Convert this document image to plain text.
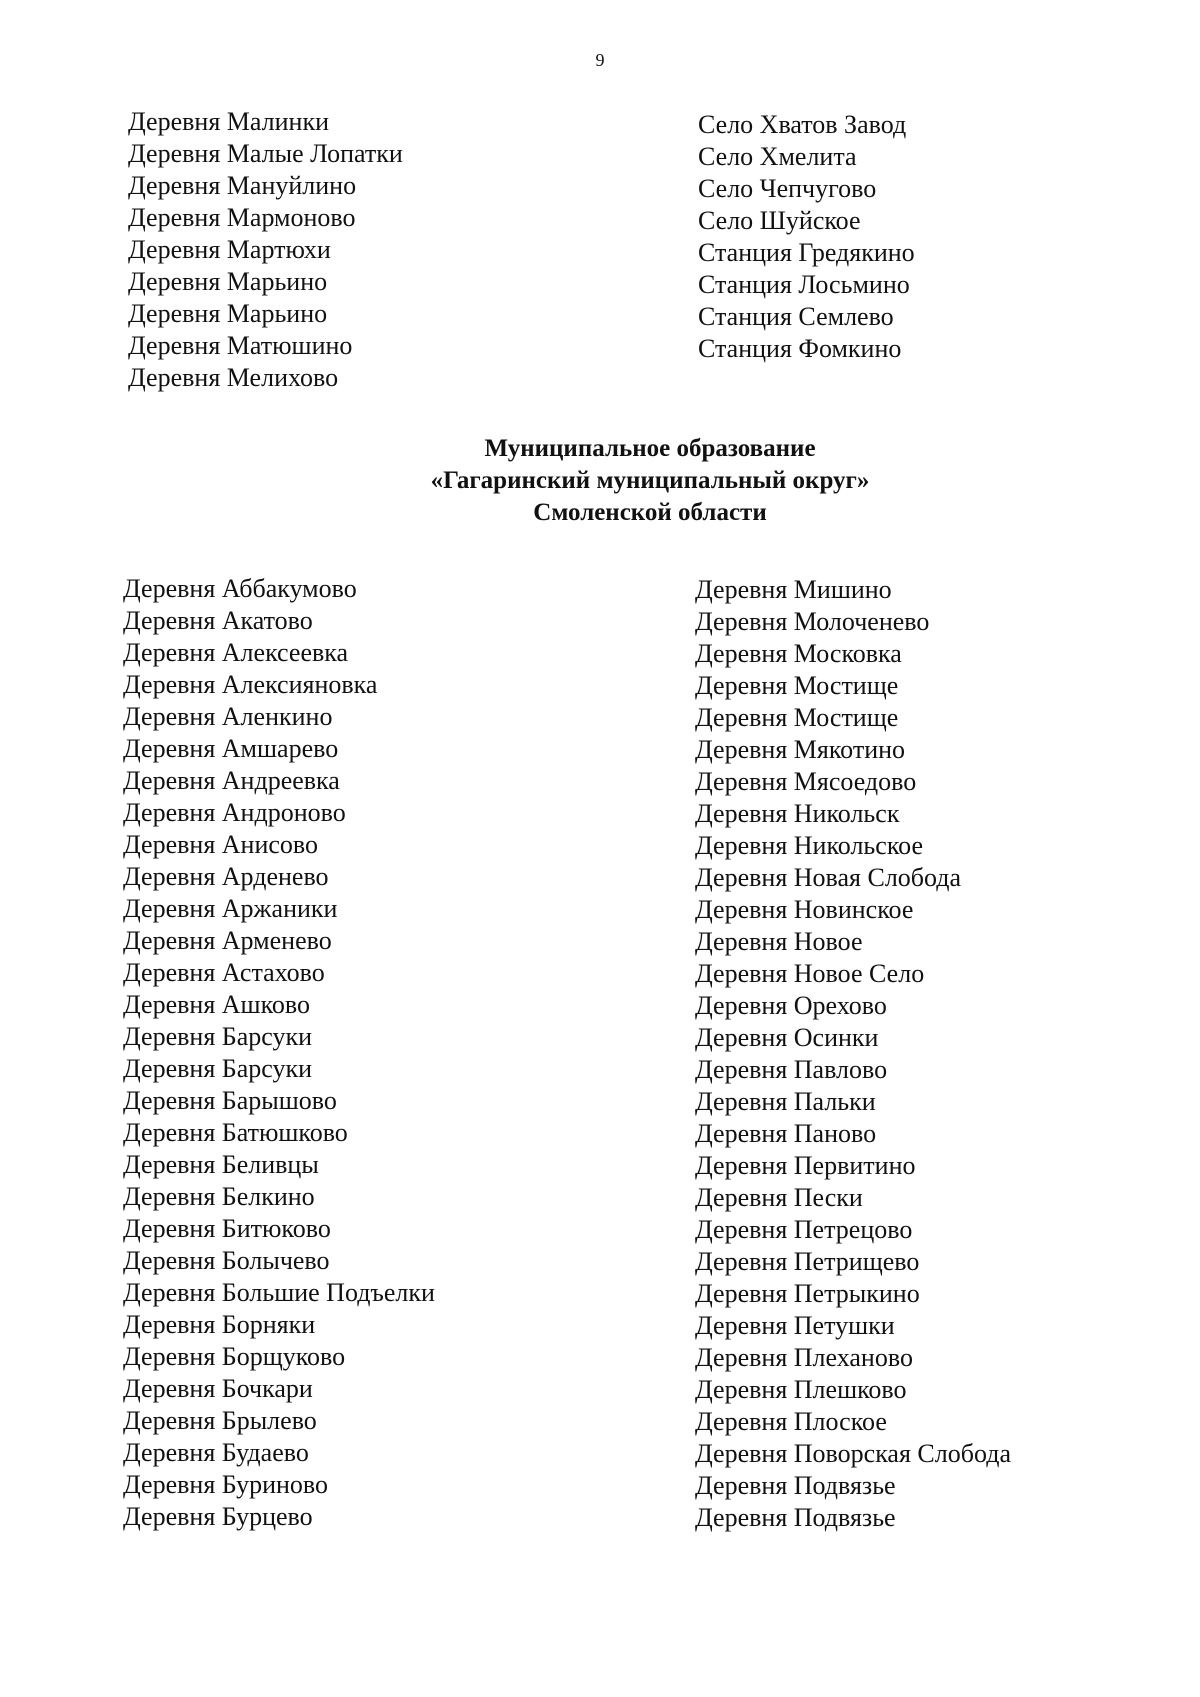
9
Деревня Малинки
Деревня Малые Лопатки
Деревня Мануйлино
Деревня Мармоново
Деревня Мартюхи
Деревня Марьино
Деревня Марьино
Деревня Матюшино
Деревня Мелихово
Село Хватов Завод
Село Хмелита
Село Чепчугово
Село Шуйское
Станция Гредякино
Станция Лосьмино
Станция Семлево
Станция Фомкино
Муниципальное образование
«Гагаринский муниципальный округ»
Смоленской области
Деревня Аббакумово
Деревня Акатово
Деревня Алексеевка
Деревня Алексияновка
Деревня Аленкино
Деревня Амшарево
Деревня Андреевка
Деревня Андроново
Деревня Анисово
Деревня Арденево
Деревня Аржаники
Деревня Арменево
Деревня Астахово
Деревня Ашково
Деревня Барсуки
Деревня Барсуки
Деревня Барышово
Деревня Батюшково
Деревня Беливцы
Деревня Белкино
Деревня Битюково
Деревня Болычево
Деревня Большие Подъелки
Деревня Борняки
Деревня Борщуково
Деревня Бочкари
Деревня Брылево
Деревня Будаево
Деревня Буриново
Деревня Бурцево
Деревня Мишино
Деревня Молоченево
Деревня Московка
Деревня Мостище
Деревня Мостище
Деревня Мякотино
Деревня Мясоедово
Деревня Никольск
Деревня Никольское
Деревня Новая Слобода
Деревня Новинское
Деревня Новое
Деревня Новое Село
Деревня Орехово
Деревня Осинки
Деревня Павлово
Деревня Пальки
Деревня Паново
Деревня Первитино
Деревня Пески
Деревня Петрецово
Деревня Петрищево
Деревня Петрыкино
Деревня Петушки
Деревня Плеханово
Деревня Плешково
Деревня Плоское
Деревня Поворская Слобода
Деревня Подвязье
Деревня Подвязье
